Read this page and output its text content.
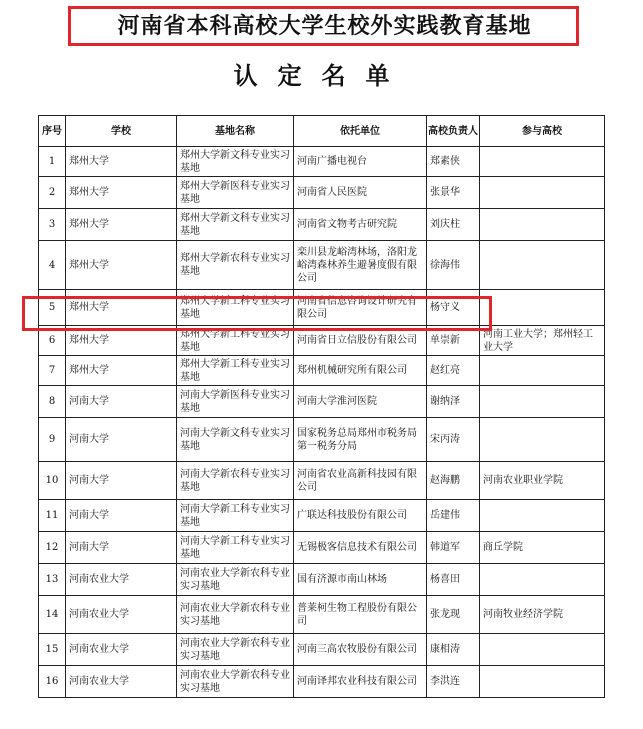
河南省本科高校大学生校外实践教育基地
认定名单
序号	学校	基地名称	依托单位	高校负责人	参与高校
1	郑州大学	郑州大学新文科专业实习基地	河南广播电视台	郑素侠	
2	郑州大学	郑州大学新医科专业实习基地	河南省人民医院	张景华	
3	郑州大学	郑州大学新文科专业实习基地	河南省文物考古研究院	刘庆柱	
4	郑州大学	郑州大学新农科专业实习基地	栾川县龙峪湾林场，洛阳龙峪湾森林养生避暑度假有限公司	徐海伟	
5	郑州大学	郑州大学新工科专业实习基地	河南省信息咨询设计研究有限公司	杨守义	
6	郑州大学	郑州大学新工科专业实习基地	河南省日立信股份有限公司	单崇新	河南工业大学；郑州轻工业大学
7	郑州大学	郑州大学新工科专业实习基地	郑州机械研究所有限公司	赵红亮	
8	河南大学	河南大学新医科专业实习基地	河南大学淮河医院	谢纳泽	
9	河南大学	河南大学新文科专业实习基地	国家税务总局郑州市税务局第一税务分局	宋丙涛	
10	河南大学	河南大学新农科专业实习基地	河南省农业高新科技园有限公司	赵海鹏	河南农业职业学院
11	河南大学	河南大学新工科专业实习基地	广联达科技股份有限公司	岳建伟	
12	河南大学	河南大学新工科专业实习基地	无锡极客信息技术有限公司	韩道军	商丘学院
13	河南农业大学	河南农业大学新农科专业实习基地	国有济源市南山林场	杨喜田	
14	河南农业大学	河南农业大学新农科专业实习基地	普莱柯生物工程股份有限公司	张龙现	河南牧业经济学院
15	河南农业大学	河南农业大学新农科专业实习基地	河南三高农牧股份有限公司	康相涛	
16	河南农业大学	河南农业大学新农科专业实习基地	河南译邦农业科技有限公司	李洪连	
